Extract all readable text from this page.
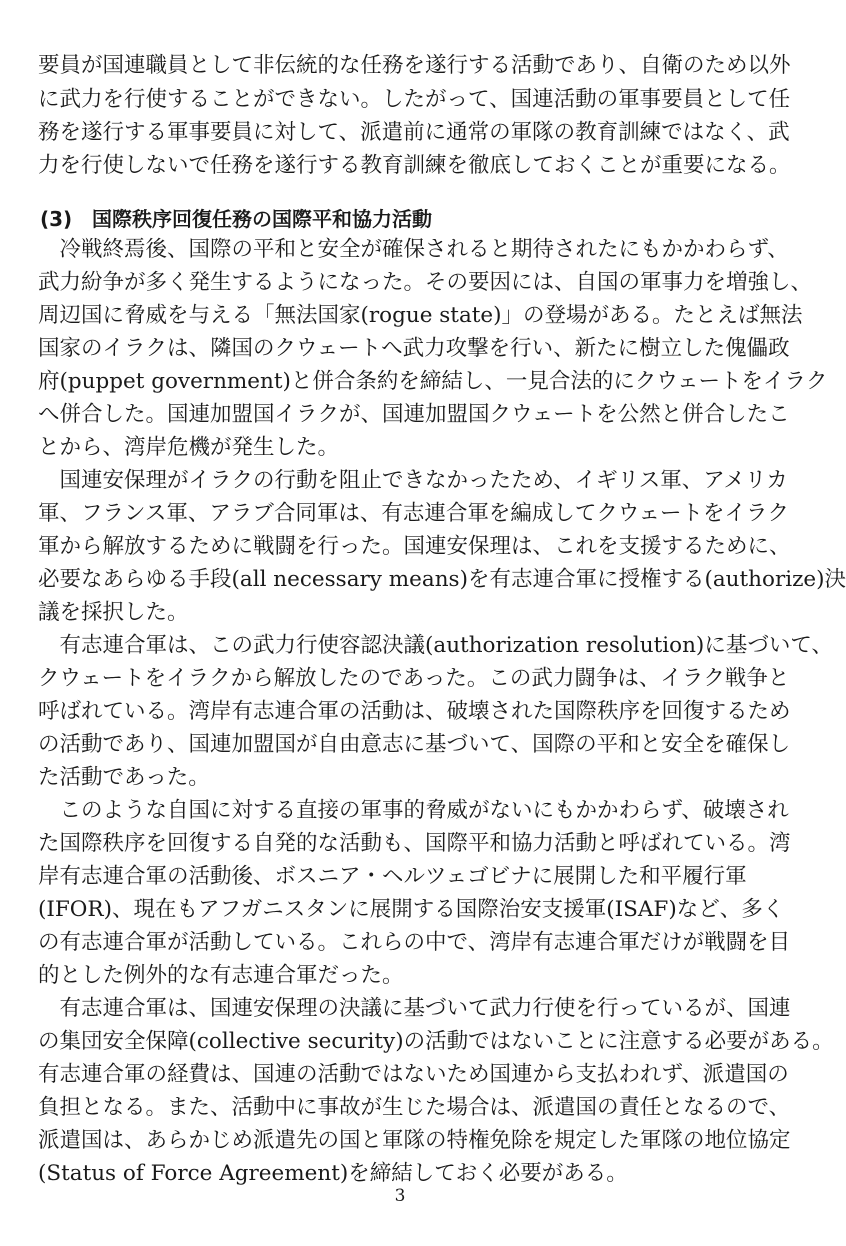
要員が国連職員として非伝統的な任務を遂行する活動であり、自衛のため以外
に武力を行使することができない。したがって、国連活動の軍事要員として任
務を遂行する軍事要員に対して、派遣前に通常の軍隊の教育訓練ではなく、武
力を行使しないで任務を遂行する教育訓練を徹底しておくことが重要になる。
(3) 国際秩序回復任務の国際平和協力活動
　冷戦終焉後、国際の平和と安全が確保されると期待されたにもかかわらず、
武力紛争が多く発生するようになった。その要因には、自国の軍事力を増強し、
周辺国に脅威を与える「無法国家(rogue state)」の登場がある。たとえば無法
国家のイラクは、隣国のクウェートへ武力攻撃を行い、新たに樹立した傀儡政
府(puppet government)と併合条約を締結し、一見合法的にクウェートをイラク
へ併合した。国連加盟国イラクが、国連加盟国クウェートを公然と併合したこ
とから、湾岸危機が発生した。
　国連安保理がイラクの行動を阻止できなかったため、イギリス軍、アメリカ
軍、フランス軍、アラブ合同軍は、有志連合軍を編成してクウェートをイラク
軍から解放するために戦闘を行った。国連安保理は、これを支援するために、
必要なあらゆる手段(all necessary means)を有志連合軍に授権する(authorize)決
議を採択した。
　有志連合軍は、この武力行使容認決議(authorization resolution)に基づいて、
クウェートをイラクから解放したのであった。この武力闘争は、イラク戦争と
呼ばれている。湾岸有志連合軍の活動は、破壊された国際秩序を回復するため
の活動であり、国連加盟国が自由意志に基づいて、国際の平和と安全を確保し
た活動であった。
　このような自国に対する直接の軍事的脅威がないにもかかわらず、破壊され
た国際秩序を回復する自発的な活動も、国際平和協力活動と呼ばれている。湾
岸有志連合軍の活動後、ボスニア・ヘルツェゴビナに展開した和平履行軍
(IFOR)、現在もアフガニスタンに展開する国際治安支援軍(ISAF)など、多く
の有志連合軍が活動している。これらの中で、湾岸有志連合軍だけが戦闘を目
的とした例外的な有志連合軍だった。
　有志連合軍は、国連安保理の決議に基づいて武力行使を行っているが、国連
の集団安全保障(collective security)の活動ではないことに注意する必要がある。
有志連合軍の経費は、国連の活動ではないため国連から支払われず、派遣国の
負担となる。また、活動中に事故が生じた場合は、派遣国の責任となるので、
派遣国は、あらかじめ派遣先の国と軍隊の特権免除を規定した軍隊の地位協定
(Status of Force Agreement)を締結しておく必要がある。
3
